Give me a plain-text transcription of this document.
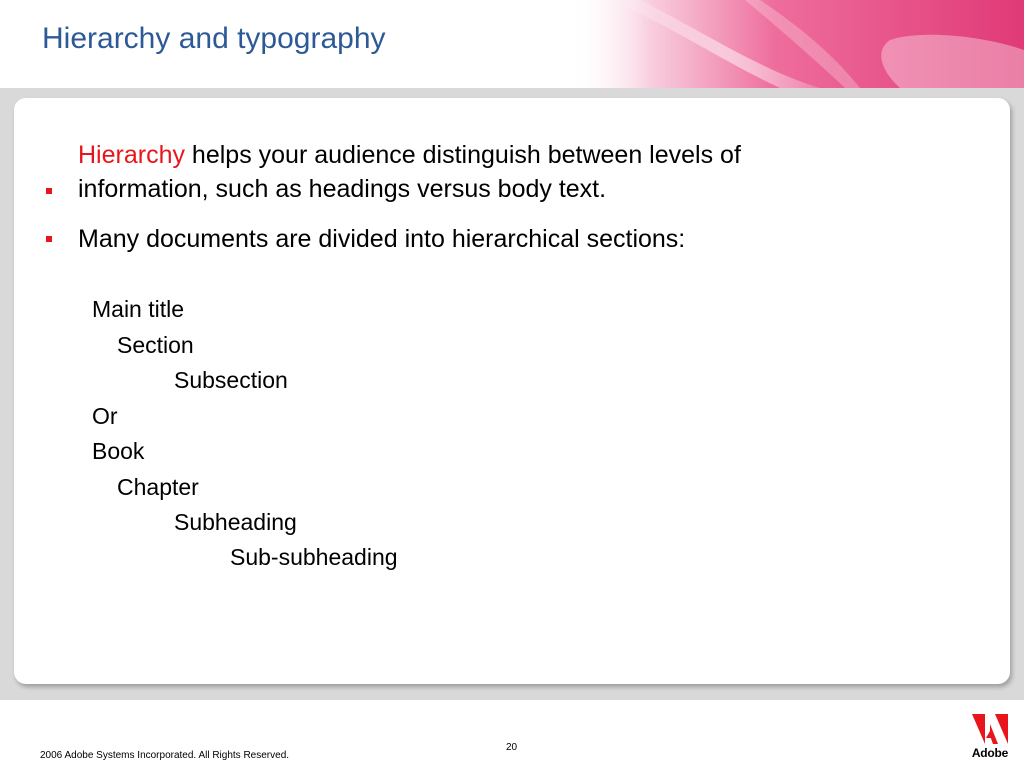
Hierarchy and typography
Hierarchy helps your audience distinguish between levels of
information, such as headings versus body text.
Many documents are divided into hierarchical sections:
Main title
Section
Subsection
Or
Book
Chapter
Subheading
Sub-subheading
2006 Adobe Systems Incorporated. All Rights Reserved.
20	Adobe
